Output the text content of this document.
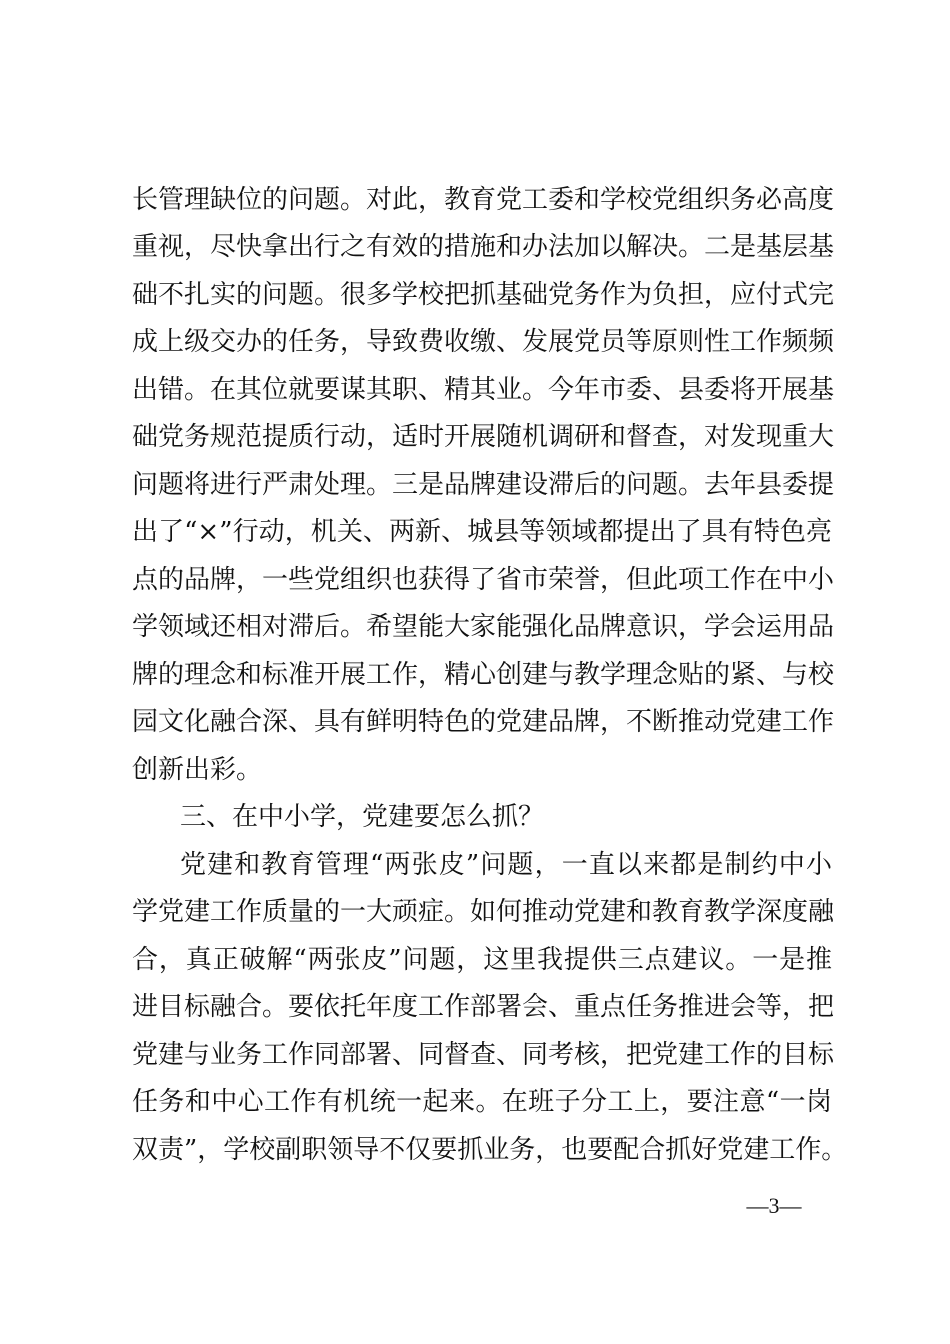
长管理缺位的问题。对此，教育党工委和学校党组织务必高度
重视，尽快拿出行之有效的措施和办法加以解决。二是基层基
础不扎实的问题。很多学校把抓基础党务作为负担，应付式完
成上级交办的任务，导致费收缴、发展党员等原则性工作频频
出错。在其位就要谋其职、精其业。今年市委、县委将开展基
础党务规范提质行动，适时开展随机调研和督查，对发现重大
问题将进行严肃处理。三是品牌建设滞后的问题。去年县委提
出了“×”行动，机关、两新、城县等领域都提出了具有特色亮
点的品牌，一些党组织也获得了省市荣誉，但此项工作在中小
学领域还相对滞后。希望能大家能强化品牌意识，学会运用品
牌的理念和标准开展工作，精心创建与教学理念贴的紧、与校
园文化融合深、具有鲜明特色的党建品牌，不断推动党建工作
创新出彩。
三、在中小学，党建要怎么抓？
党建和教育管理“两张皮”问题，一直以来都是制约中小
学党建工作质量的一大顽症。如何推动党建和教育教学深度融
合，真正破解“两张皮”问题，这里我提供三点建议。一是推
进目标融合。要依托年度工作部署会、重点任务推进会等，把
党建与业务工作同部署、同督查、同考核，把党建工作的目标
任务和中心工作有机统一起来。在班子分工上，要注意“一岗
双责”，学校副职领导不仅要抓业务，也要配合抓好党建工作。
—3—
